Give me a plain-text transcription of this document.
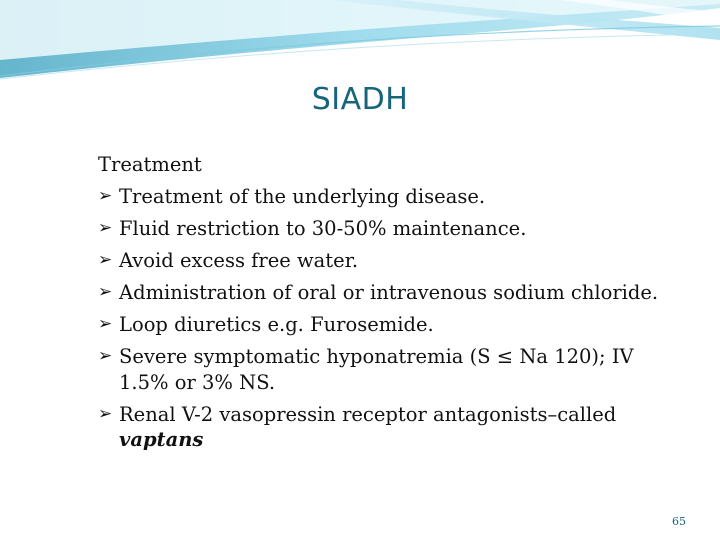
SIADH
Treatment
➢ Treatment of the underlying disease.
➢ Fluid restriction to 30-50% maintenance.
➢ Avoid excess free water.
➢ Administration of oral or intravenous sodium chloride.
➢ Loop diuretics e.g. Furosemide.
➢ Severe symptomatic hyponatremia (S ≤ Na 120); IV 1.5% or 3% NS.
➢ Renal V-2 vasopressin receptor antagonists–called
vaptans
65
